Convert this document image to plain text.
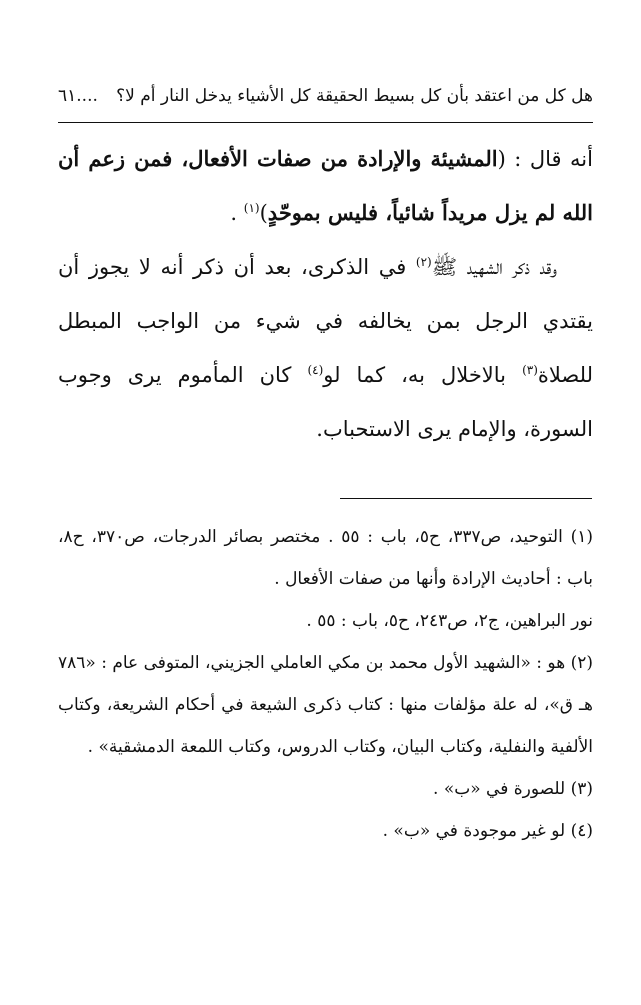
هل كل من اعتقد بأن كل بسيط الحقيقة كل الأشياء يدخل النار أم لا؟
....٦١

أنه قال : (المشيئة والإرادة من صفات الأفعال، فمن زعم أن الله لم يزل مريداً شائياً، فليس بموحّدٍ)$^{(١)}$ .

وقد ذكر الشهيد ﷺ$^{(٢)}$ في الذكرى، بعد أن ذكر أنه لا يجوز أن يقتدي الرجل بمن يخالفه في شيء من الواجب المبطل للصلاة$^{(٣)}$ بالاخلال به، كما لو$^{(٤)}$ كان المأموم يرى وجوب السورة، والإمام يرى الاستحباب.

(١) التوحيد، ص٣٣٧، ح٥، باب : ٥٥ . مختصر بصائر الدرجات، ص٣٧٠، ح٨، باب : أحاديث الإرادة وأنها من صفات الأفعال .

نور البراهين، ج٢، ص٢٤٣، ح٥، باب : ٥٥ .

(٢) هو : «الشهيد الأول محمد بن مكي العاملي الجزيني، المتوفى عام : «٧٨٦ هـ ق»، له علة مؤلفات منها : كتاب ذكرى الشيعة في أحكام الشريعة، وكتاب الألفية والنفلية، وكتاب البيان، وكتاب الدروس، وكتاب اللمعة الدمشقية» .

(٣) للصورة في «ب» .

(٤) لو غير موجودة في «ب» .
